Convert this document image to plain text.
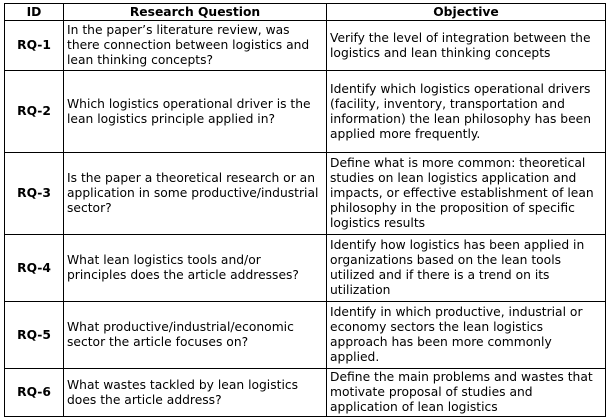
ID	Research Question	Objective
RQ-1	In the paper’s literature review, was there connection between logistics and lean thinking concepts?	Verify the level of integration between the logistics and lean thinking concepts
RQ-2	Which logistics operational driver is the lean logistics principle applied in?	Identify which logistics operational drivers (facility, inventory, transportation and information) the lean philosophy has been applied more frequently.
RQ-3	Is the paper a theoretical research or an application in some productive/industrial sector?	Define what is more common: theoretical studies on lean logistics application and impacts, or effective establishment of lean philosophy in the proposition of specific logistics results
RQ-4	What lean logistics tools and/or principles does the article addresses?	Identify how logistics has been applied in organizations based on the lean tools utilized and if there is a trend on its utilization
RQ-5	What productive/industrial/economic sector the article focuses on?	Identify in which productive, industrial or economy sectors the lean logistics approach has been more commonly applied.
RQ-6	What wastes tackled by lean logistics does the article address?	Define the main problems and wastes that motivate proposal of studies and application of lean logistics
